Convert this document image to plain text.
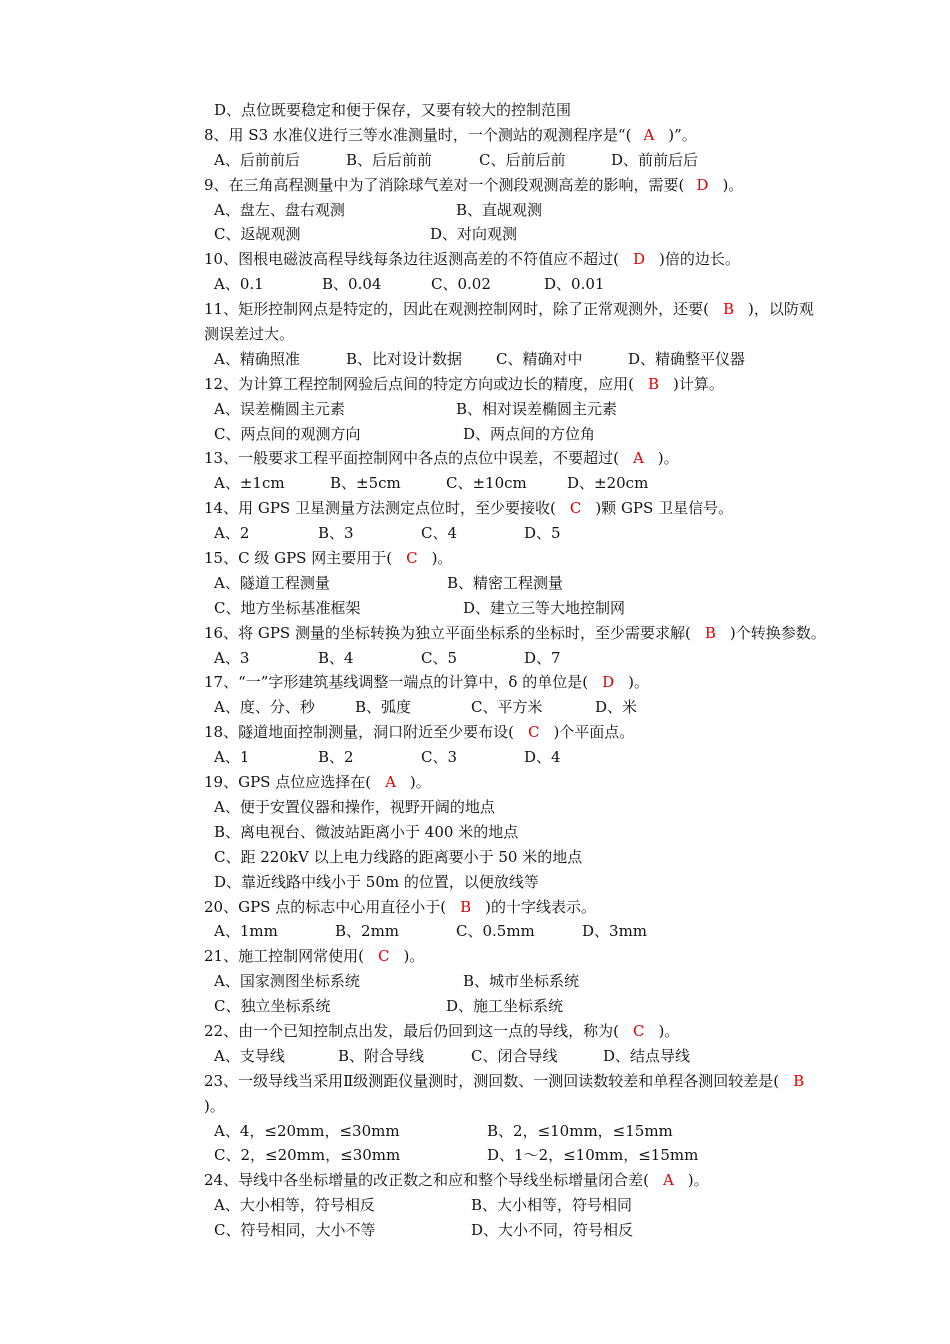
D、点位既要稳定和便于保存，又要有较大的控制范围
8、用 S3 水准仪进行三等水准测量时，一个测站的观测程序是“( A )”。
A、后前前后	B、后后前前	C、后前后前	D、前前后后
9、在三角高程测量中为了消除球气差对一个测段观测高差的影响，需要( D )。
A、盘左、盘右观测	B、直觇观测
C、返觇观测	D、对向观测
10、图根电磁波高程导线每条边往返测高差的不符值应不超过( D )倍的边长。
A、0.1	B、0.04	C、0.02	D、0.01
11、矩形控制网点是特定的，因此在观测控制网时，除了正常观测外，还要( B )，以防观
测误差过大。
A、精确照准	B、比对设计数据 C、精确对中	D、精确整平仪器
12、为计算工程控制网验后点间的特定方向或边长的精度，应用( B )计算。
A、误差椭圆主元素	B、相对误差椭圆主元素
C、两点间的观测方向	D、两点间的方位角
13、一般要求工程平面控制网中各点的点位中误差，不要超过( A )。
A、±1cm	B、±5cm	C、±10cm	D、±20cm
14、用 GPS 卫星测量方法测定点位时，至少要接收( C )颗 GPS 卫星信号。
A、2	B、3	C、4	D、5
15、C 级 GPS 网主要用于( C )。
A、隧道工程测量	B、精密工程测量
C、地方坐标基准框架	D、建立三等大地控制网
16、将 GPS 测量的坐标转换为独立平面坐标系的坐标时，至少需要求解( B )个转换参数。
A、3	B、4	C、5	D、7
17、“一”字形建筑基线调整一端点的计算中，δ 的单位是( D )。
A、度、分、秒	B、弧度	C、平方米	D、米
18、隧道地面控制测量，洞口附近至少要布设( C )个平面点。
A、1	B、2	C、3	D、4
19、GPS 点位应选择在( A )。
A、便于安置仪器和操作，视野开阔的地点
B、离电视台、微波站距离小于 400 米的地点
C、距 220kV 以上电力线路的距离要小于 50 米的地点
D、靠近线路中线小于 50m 的位置，以便放线等
20、GPS 点的标志中心用直径小于( B )的十字线表示。
A、1mm	B、2mm	C、0.5mm	D、3mm
21、施工控制网常使用( C )。
A、国家测图坐标系统	B、城市坐标系统
C、独立坐标系统	D、施工坐标系统
22、由一个已知控制点出发，最后仍回到这一点的导线，称为( C )。
A、支导线	B、附合导线	C、闭合导线	D、结点导线
23、一级导线当采用Ⅱ级测距仪量测时，测回数、一测回读数较差和单程各测回较差是( B
)。
A、4，≤20mm，≤30mm	B、2，≤10mm，≤15mm
C、2，≤20mm，≤30mm	D、1～2，≤10mm，≤15mm
24、导线中各坐标增量的改正数之和应和整个导线坐标增量闭合差( A )。
A、大小相等，符号相反	B、大小相等，符号相同
C、符号相同，大小不等	D、大小不同，符号相反
